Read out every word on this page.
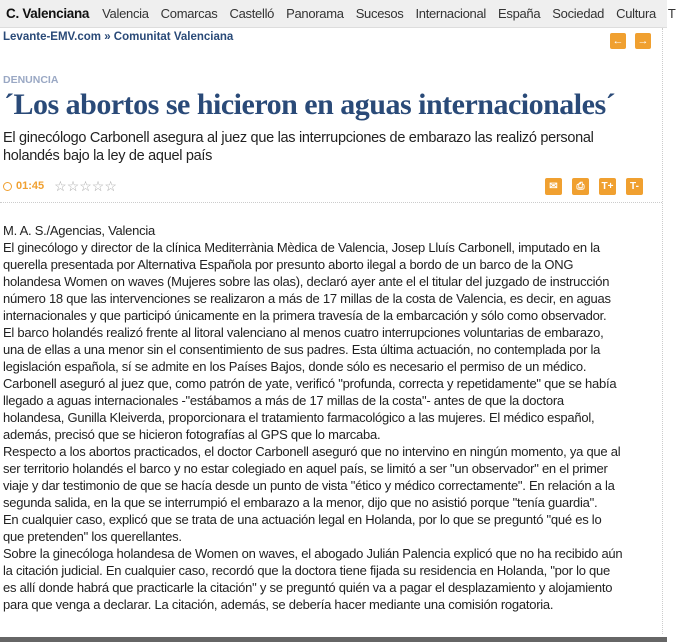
C. Valenciana Valencia Comarcas Castelló Panorama Sucesos Internacional España Sociedad Cultura T
Levante-EMV.com » Comunitat Valenciana	← →
DENUNCIA
´Los abortos se hicieron en aguas internacionales´
El ginecólogo Carbonell asegura al juez que las interrupciones de embarazo las realizó personal holandés bajo la ley de aquel país
01:45 ☆☆☆☆☆	✉	⎙	T+	T-
M. A. S./Agencias, Valencia
El ginecólogo y director de la clínica Mediterrània Mèdica de Valencia, Josep Lluís Carbonell, imputado en la
querella presentada por Alternativa Española por presunto aborto ilegal a bordo de un barco de la ONG
holandesa Women on waves (Mujeres sobre las olas), declaró ayer ante el el titular del juzgado de instrucción
número 18 que las intervenciones se realizaron a más de 17 millas de la costa de Valencia, es decir, en aguas
internacionales y que participó únicamente en la primera travesía de la embarcación y sólo como observador.
El barco holandés realizó frente al litoral valenciano al menos cuatro interrupciones voluntarias de embarazo,
una de ellas a una menor sin el consentimiento de sus padres. Esta última actuación, no contemplada por la
legislación española, sí se admite en los Países Bajos, donde sólo es necesario el permiso de un médico.
Carbonell aseguró al juez que, como patrón de yate, verificó "profunda, correcta y repetidamente" que se había
llegado a aguas internacionales -"estábamos a más de 17 millas de la costa"- antes de que la doctora
holandesa, Gunilla Kleiverda, proporcionara el tratamiento farmacológico a las mujeres. El médico español,
además, precisó que se hicieron fotografías al GPS que lo marcaba.
Respecto a los abortos practicados, el doctor Carbonell aseguró que no intervino en ningún momento, ya que al
ser territorio holandés el barco y no estar colegiado en aquel país, se limitó a ser "un observador" en el primer
viaje y dar testimonio de que se hacía desde un punto de vista "ético y médico correctamente". En relación a la
segunda salida, en la que se interrumpió el embarazo a la menor, dijo que no asistió porque "tenía guardia".
En cualquier caso, explicó que se trata de una actuación legal en Holanda, por lo que se preguntó "qué es lo
que pretenden" los querellantes.
Sobre la ginecóloga holandesa de Women on waves, el abogado Julián Palencia explicó que no ha recibido aún
la citación judicial. En cualquier caso, recordó que la doctora tiene fijada su residencia en Holanda, "por lo que
es allí donde habrá que practicarle la citación" y se preguntó quién va a pagar el desplazamiento y alojamiento
para que venga a declarar. La citación, además, se debería hacer mediante una comisión rogatoria.
